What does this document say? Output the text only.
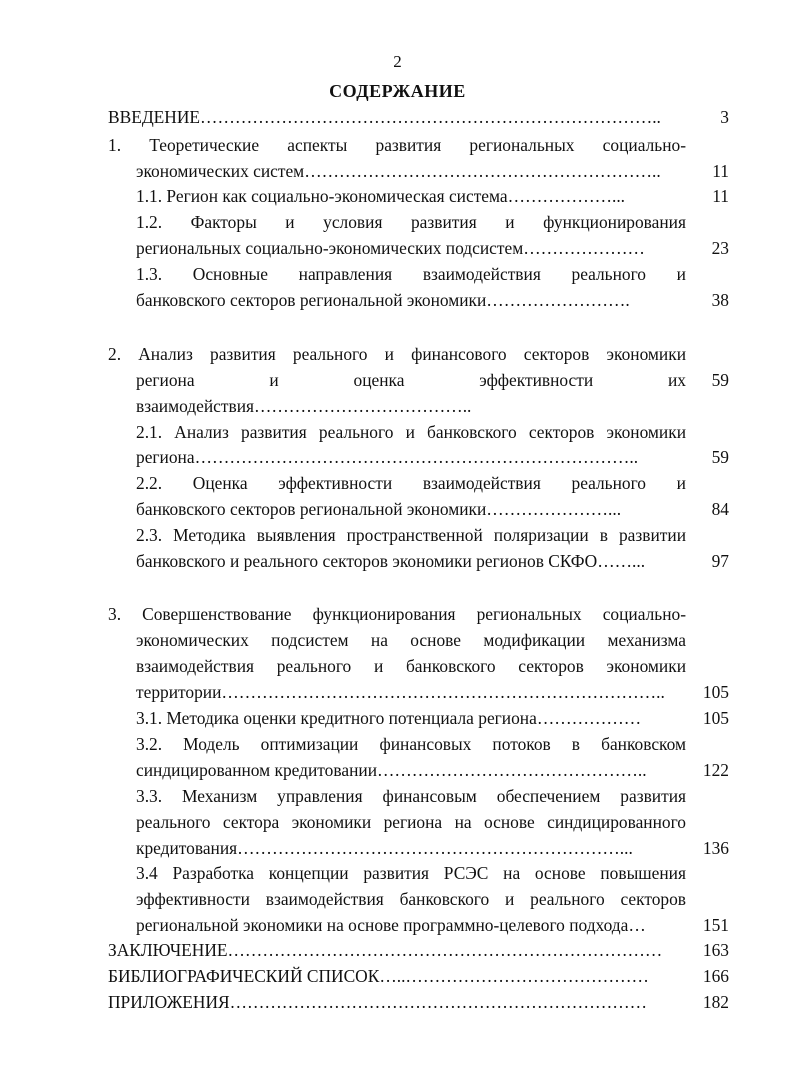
2
СОДЕРЖАНИЕ
ВВЕДЕНИЕ……………………………………………………………………..	3
1. Теоретические аспекты развития региональных социально-
экономических систем……………………………………………………..	11
1.1. Регион как социально-экономическая система………………...	11
1.2. Факторы и условия развития и функционирования
региональных социально-экономических подсистем…………………	23
1.3. Основные направления взаимодействия реального и
банковского секторов региональной экономики…………………….	38
2. Анализ развития реального и финансового секторов экономики
региона и оценка эффективности их	59
взаимодействия………………………………..
2.1. Анализ развития реального и банковского секторов экономики
региона…………………………………………………………………..	59
2.2. Оценка эффективности взаимодействия реального и
банковского секторов региональной экономики…………………...	84
2.3. Методика выявления пространственной поляризации в развитии
банковского и реального секторов экономики регионов СКФО……...	97
3. Совершенствование функционирования региональных социально-
экономических подсистем на основе модификации механизма
взаимодействия реального и банковского секторов экономики
территории…………………………………………………………………..	105
3.1. Методика оценки кредитного потенциала региона………………	105
3.2. Модель оптимизации финансовых потоков в банковском
синдицированном кредитовании………………………………………..	122
3.3. Механизм управления финансовым обеспечением развития
реального сектора экономики региона на основе синдицированного
кредитования…………………………………………………………...	136
3.4 Разработка концепции развития РСЭС на основе повышения
эффективности взаимодействия банковского и реального секторов
региональной экономики на основе программно-целевого подхода…	151
ЗАКЛЮЧЕНИЕ…………………………………………………………………	163
БИБЛИОГРАФИЧЕСКИЙ СПИСОК…..……………………………………	166
ПРИЛОЖЕНИЯ………………………………………………………………	182
